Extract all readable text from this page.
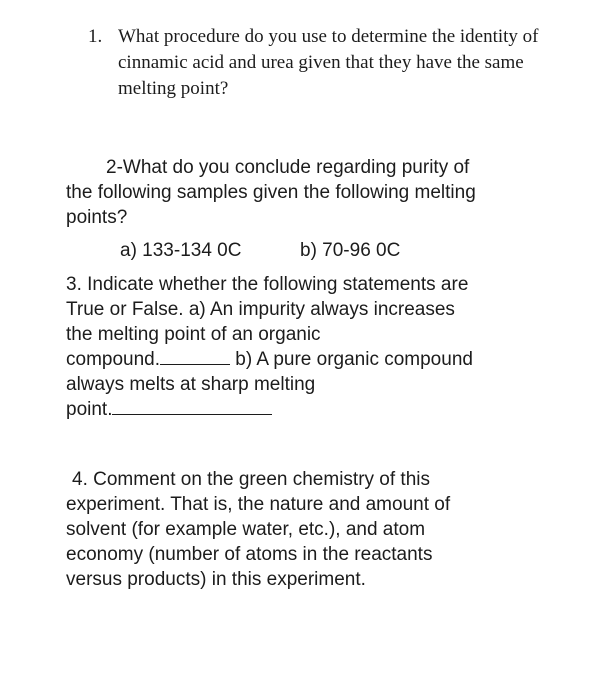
1. What procedure do you use to determine the identity of cinnamic acid and urea given that they have the same melting point?
2-What do you conclude regarding purity of
the following samples given the following melting
points?
a) 133-134 0C	b) 70-96 0C
3. Indicate whether the following statements are
True or False. a) An impurity always increases
the melting point of an organic
compound.	b) A pure organic compound
always melts at sharp melting
point.
4. Comment on the green chemistry of this
experiment. That is, the nature and amount of
solvent (for example water, etc.), and atom
economy (number of atoms in the reactants
versus products) in this experiment.
